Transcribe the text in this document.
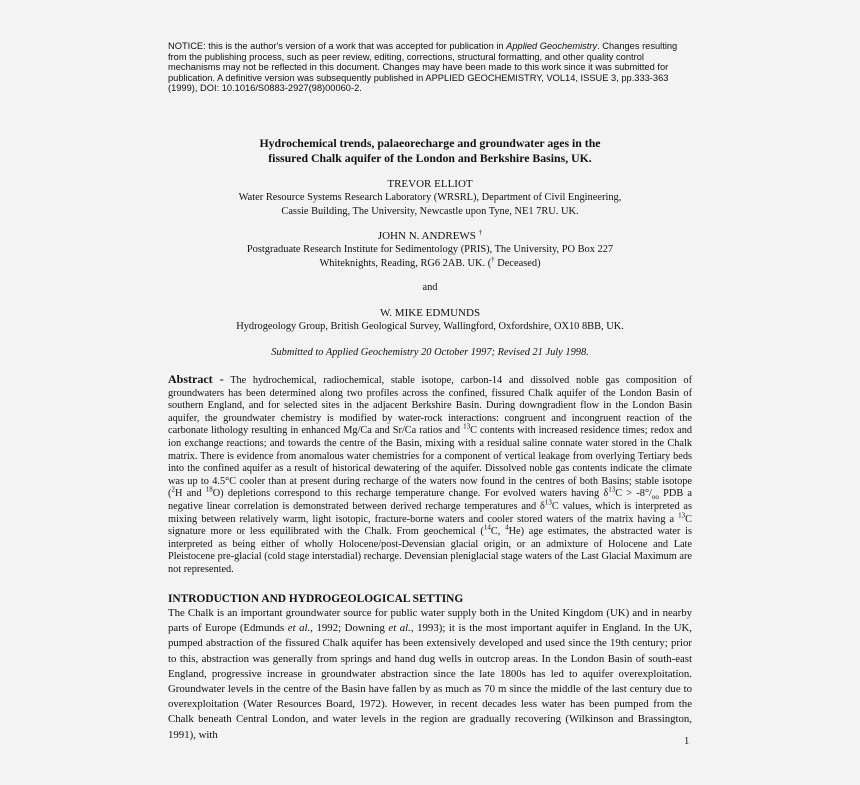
NOTICE: this is the author's version of a work that was accepted for publication in Applied Geochemistry. Changes resulting from the publishing process, such as peer review, editing, corrections, structural formatting, and other quality control mechanisms may not be reflected in this document. Changes may have been made to this work since it was submitted for publication. A definitive version was subsequently published in APPLIED GEOCHEMISTRY, VOL14, ISSUE 3, pp.333-363 (1999), DOI: 10.1016/S0883-2927(98)00060-2.
Hydrochemical trends, palaeorecharge and groundwater ages in the
fissured Chalk aquifer of the London and Berkshire Basins, UK.
TREVOR ELLIOT
Water Resource Systems Research Laboratory (WRSRL), Department of Civil Engineering,
Cassie Building, The University, Newcastle upon Tyne, NE1 7RU. UK.
JOHN N. ANDREWS †
Postgraduate Research Institute for Sedimentology (PRIS), The University, PO Box 227
Whiteknights, Reading, RG6 2AB. UK. († Deceased)
and
W. MIKE EDMUNDS
Hydrogeology Group, British Geological Survey, Wallingford, Oxfordshire, OX10 8BB, UK.
Submitted to Applied Geochemistry 20 October 1997; Revised 21 July 1998.
Abstract - The hydrochemical, radiochemical, stable isotope, carbon-14 and dissolved noble gas composition of groundwaters has been determined along two profiles across the confined, fissured Chalk aquifer of the London Basin of southern England, and for selected sites in the adjacent Berkshire Basin. During downgradient flow in the London Basin aquifer, the groundwater chemistry is modified by water-rock interactions: congruent and incongruent reaction of the carbonate lithology resulting in enhanced Mg/Ca and Sr/Ca ratios and $^{13}$C contents with increased residence times; redox and ion exchange reactions; and towards the centre of the Basin, mixing with a residual saline connate water stored in the Chalk matrix. There is evidence from anomalous water chemistries for a component of vertical leakage from overlying Tertiary beds into the confined aquifer as a result of historical dewatering of the aquifer. Dissolved noble gas contents indicate the climate was up to 4.5°C cooler than at present during recharge of the waters now found in the centres of both Basins; stable isotope ($^2$H and $^{18}$O) depletions correspond to this recharge temperature change. For evolved waters having $\delta^{13}C > -8^\circ/_{oo}$ PDB a negative linear correlation is demonstrated between derived recharge temperatures and $\delta^{13}C$ values, which is interpreted as mixing between relatively warm, light isotopic, fracture-borne waters and cooler stored waters of the matrix having a $^{13}$C signature more or less equilibrated with the Chalk. From geochemical ($^{14}$C, $^4$He) age estimates, the abstracted water is interpreted as being either of wholly Holocene/post-Devensian glacial origin, or an admixture of Holocene and Late Pleistocene pre-glacial (cold stage interstadial) recharge. Devensian pleniglacial stage waters of the Last Glacial Maximum are not represented.
INTRODUCTION AND HYDROGEOLOGICAL SETTING
The Chalk is an important groundwater source for public water supply both in the United Kingdom (UK) and in nearby parts of Europe (Edmunds et al., 1992; Downing et al., 1993); it is the most important aquifer in England. In the UK, pumped abstraction of the fissured Chalk aquifer has been extensively developed and used since the 19th century; prior to this, abstraction was generally from springs and hand dug wells in outcrop areas. In the London Basin of south-east England, progressive increase in groundwater abstraction since the late 1800s has led to aquifer overexploitation. Groundwater levels in the centre of the Basin have fallen by as much as 70 m since the middle of the last century due to overexploitation (Water Resources Board, 1972). However, in recent decades less water has been pumped from the Chalk beneath Central London, and water levels in the region are gradually recovering (Wilkinson and Brassington, 1991), with
1
